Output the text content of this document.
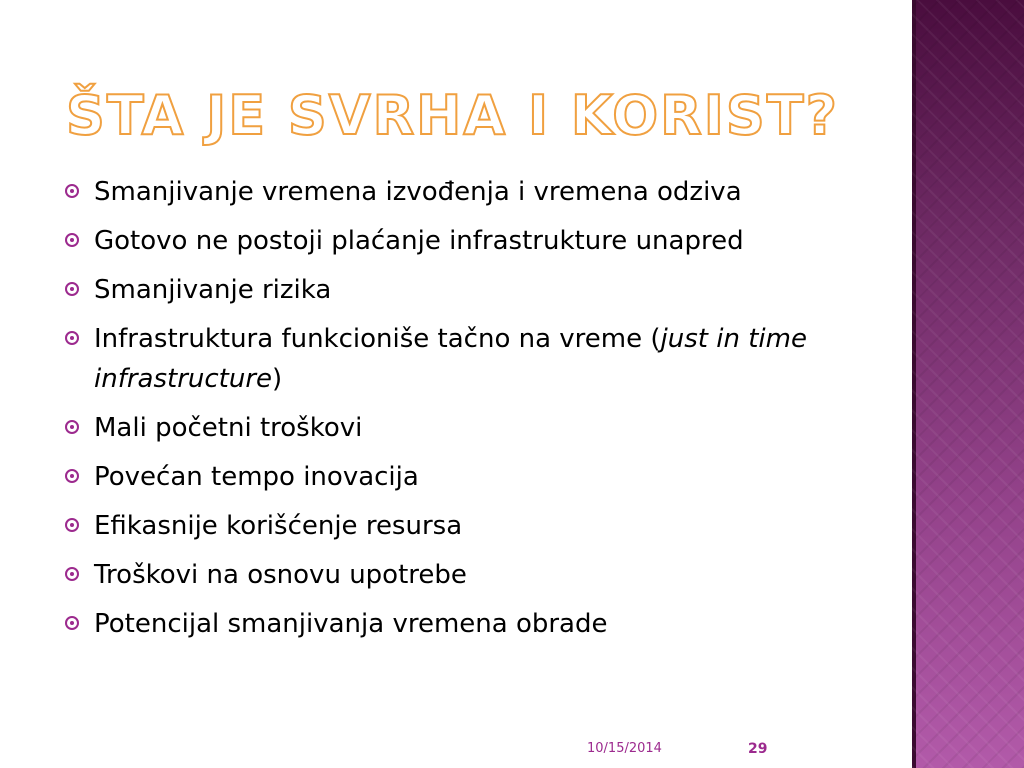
ŠTA JE SVRHA I KORIST?
Smanjivanje vremena izvođenja i vremena odziva
Gotovo ne postoji plaćanje infrastrukture unapred
Smanjivanje rizika
Infrastruktura funkcioniše tačno na vreme (just in time infrastructure)
Mali početni troškovi
Povećan tempo inovacija
Efikasnije korišćenje resursa
Troškovi na osnovu upotrebe
Potencijal smanjivanja vremena obrade
10/15/2014	29
